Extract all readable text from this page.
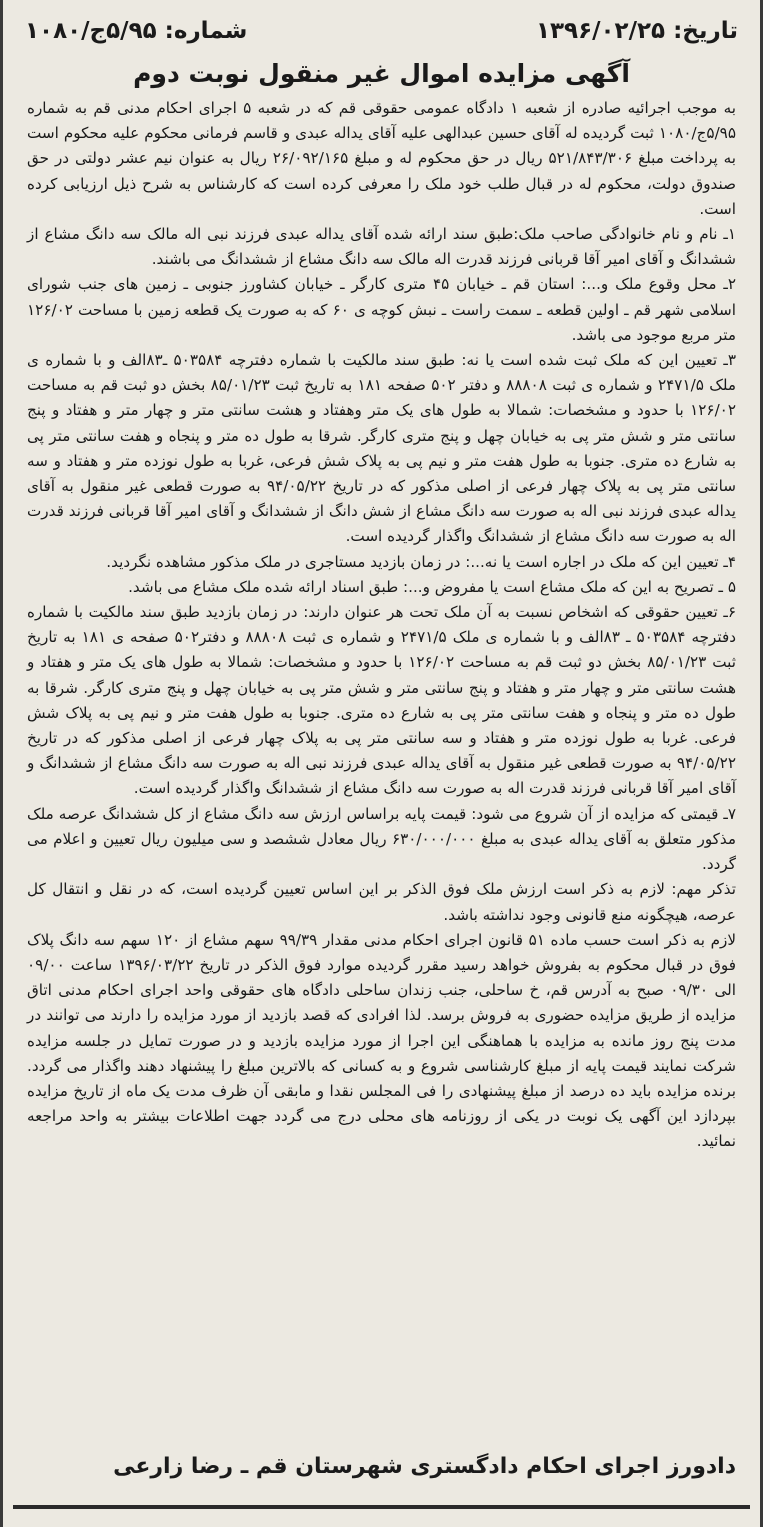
تاریخ: ۱۳۹۶/۰۲/۲۵
شماره: ۵/۹۵ج/۱۰۸۰
آگهی مزایده اموال غیر منقول نوبت دوم

به موجب اجرائیه صادره از شعبه ۱ دادگاه عمومی حقوقی قم که در شعبه ۵ اجرای احکام مدنی قم به شماره ۵/۹۵ج/۱۰۸۰ ثبت گردیده له آقای حسین عبدالهی علیه آقای یداله عبدی و قاسم فرمانی محکوم علیه محکوم است به پرداخت مبلغ ۵۲۱/۸۴۳/۳۰۶ ریال در حق محکوم له و مبلغ ۲۶/۰۹۲/۱۶۵ ریال به عنوان نیم عشر دولتی در حق صندوق دولت، محکوم له در قبال طلب خود ملک را معرفی کرده است که کارشناس به شرح ذیل ارزیابی کرده است.

۱ـ نام و نام خانوادگی صاحب ملک:طبق سند ارائه شده آقای یداله عبدی فرزند نبی اله مالک سه دانگ مشاع از ششدانگ و آقای امیر آقا قربانی فرزند قدرت اله مالک سه دانگ مشاع از ششدانگ می باشند.

۲ـ محل وقوع ملک و...: استان قم ـ خیابان ۴۵ متری کارگر ـ خیابان کشاورز جنوبی ـ زمین های جنب شورای اسلامی شهر قم ـ اولین قطعه ـ سمت راست ـ نبش کوچه ی ۶۰ که به صورت یک قطعه زمین با مساحت ۱۲۶/۰۲ متر مربع موجود می باشد.

۳ـ تعیین این که ملک ثبت شده است یا نه: طبق سند مالکیت با شماره دفترچه ۵۰۳۵۸۴ ـ۸۳الف و با شماره ی ملک ۲۴۷۱/۵ و شماره ی ثبت ۸۸۸۰۸ و دفتر ۵۰۲ صفحه ۱۸۱ به تاریخ ثبت ۸۵/۰۱/۲۳ بخش دو ثبت قم به مساحت ۱۲۶/۰۲ با حدود و مشخصات: شمالا به طول های یک متر وهفتاد و هشت سانتی متر و چهار متر و هفتاد و پنج سانتی متر و شش متر پی به خیابان چهل و پنج متری کارگر. شرقا به طول ده متر و پنجاه و هفت سانتی متر پی به شارع ده متری. جنوبا به طول هفت متر و نیم پی به پلاک شش فرعی، غربا به طول نوزده متر و هفتاد و سه سانتی متر پی به پلاک چهار فرعی از اصلی مذکور که در تاریخ ۹۴/۰۵/۲۲ به صورت قطعی غیر منقول به آقای یداله عبدی فرزند نبی اله به صورت سه دانگ مشاع از شش دانگ از ششدانگ و آقای امیر آقا قربانی فرزند قدرت اله به صورت سه دانگ مشاع از ششدانگ واگذار گردیده است.

۴ـ تعیین این که ملک در اجاره است یا نه...: در زمان بازدید مستاجری در ملک مذکور مشاهده نگردید.

۵ ـ تصریح به این که ملک مشاع است یا مفروض و...: طبق اسناد ارائه شده ملک مشاع می باشد.

۶ـ تعیین حقوقی که اشخاص نسبت به آن ملک تحت هر عنوان دارند: در زمان بازدید طبق سند مالکیت با شماره دفترچه ۵۰۳۵۸۴ ـ ۸۳الف و با شماره ی ملک ۲۴۷۱/۵ و شماره ی ثبت ۸۸۸۰۸ و دفتر۵۰۲ صفحه ی ۱۸۱ به تاریخ ثبت ۸۵/۰۱/۲۳ بخش دو ثبت قم به مساحت ۱۲۶/۰۲ با حدود و مشخصات: شمالا به طول های یک متر و هفتاد و هشت سانتی متر و چهار متر و هفتاد و پنج سانتی متر و شش متر پی به خیابان چهل و پنج متری کارگر. شرقا به طول ده متر و پنجاه و هفت سانتی متر پی به شارع ده متری. جنوبا به طول هفت متر و نیم پی به پلاک شش فرعی. غربا به طول نوزده متر و هفتاد و سه سانتی متر پی به پلاک چهار فرعی از اصلی مذکور که در تاریخ ۹۴/۰۵/۲۲ به صورت قطعی غیر منقول به آقای یداله عبدی فرزند نبی اله به صورت سه دانگ مشاع از ششدانگ و آقای امیر آقا قربانی فرزند قدرت اله به صورت سه دانگ مشاع از ششدانگ واگذار گردیده است.

۷ـ قیمتی که مزایده از آن شروع می شود: قیمت پایه براساس ارزش سه دانگ مشاع از کل ششدانگ عرصه ملک مذکور متعلق به آقای یداله عبدی به مبلغ ۶۳۰/۰۰۰/۰۰۰ ریال معادل ششصد و سی میلیون ریال تعیین و اعلام می گردد.

تذکر مهم: لازم به ذکر است ارزش ملک فوق الذکر بر این اساس تعیین گردیده است، که در نقل و انتقال کل عرصه، هیچگونه منع قانونی وجود نداشته باشد.

لازم به ذکر است حسب ماده ۵۱ قانون اجرای احکام مدنی مقدار ۹۹/۳۹ سهم مشاع از ۱۲۰ سهم سه دانگ پلاک فوق در قبال محکوم به بفروش خواهد رسید مقرر گردیده موارد فوق الذکر در تاریخ ۱۳۹۶/۰۳/۲۲ ساعت ۰۹/۰۰ الی ۰۹/۳۰ صبح به آدرس قم، خ ساحلی، جنب زندان ساحلی دادگاه های حقوقی واحد اجرای احکام مدنی اتاق مزایده از طریق مزایده حضوری به فروش برسد. لذا افرادی که قصد بازدید از مورد مزایده را دارند می توانند در مدت پنج روز مانده به مزایده با هماهنگی این اجرا از مورد مزایده بازدید و در صورت تمایل در جلسه مزایده شرکت نمایند قیمت پایه از مبلغ کارشناسی شروع و به کسانی که بالاترین مبلغ را پیشنهاد دهند واگذار می گردد. برنده مزایده باید ده درصد از مبلغ پیشنهادی را فی المجلس نقدا و مابقی آن ظرف مدت یک ماه از تاریخ مزایده بپردازد این آگهی یک نوبت در یکی از روزنامه های محلی درج می گردد جهت اطلاعات بیشتر به واحد مراجعه نمائید.

دادورز اجرای احکام دادگستری شهرستان قم ـ رضا زارعی
